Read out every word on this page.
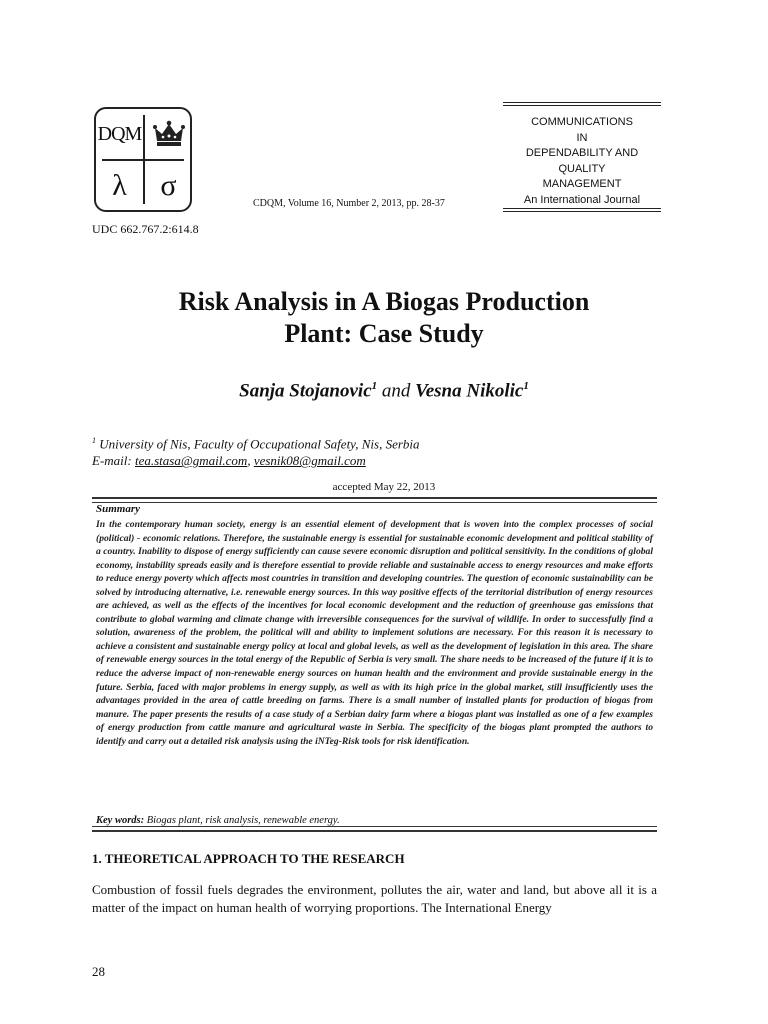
DQM
λ	σ
UDC 662.767.2:614.8
CDQM, Volume 16, Number 2, 2013, pp. 28-37
COMMUNICATIONS
IN
DEPENDABILITY AND
QUALITY
MANAGEMENT
An International Journal
Risk Analysis in A Biogas Production
Plant: Case Study
Sanja Stojanovic$^1$ and Vesna Nikolic$^1$
$^1$ University of Nis, Faculty of Occupational Safety, Nis, Serbia
E-mail: tea.stasa@gmail.com, vesnik08@gmail.com
accepted May 22, 2013
Summary
In the contemporary human society, energy is an essential element of development that is woven into the complex processes of social (political) - economic relations. Therefore, the sustainable energy is essential for sustainable economic development and political stability of a country. Inability to dispose of energy sufficiently can cause severe economic disruption and political sensitivity. In the conditions of global economy, instability spreads easily and is therefore essential to provide reliable and sustainable access to energy resources and make efforts to reduce energy poverty which affects most countries in transition and developing countries. The question of economic sustainability can be solved by introducing alternative, i.e. renewable energy sources. In this way positive effects of the territorial distribution of energy resources are achieved, as well as the effects of the incentives for local economic development and the reduction of greenhouse gas emissions that contribute to global warming and climate change with irreversible consequences for the survival of wildlife. In order to successfully find a solution, awareness of the problem, the political will and ability to implement solutions are necessary. For this reason it is necessary to achieve a consistent and sustainable energy policy at local and global levels, as well as the development of legislation in this area. The share of renewable energy sources in the total energy of the Republic of Serbia is very small. The share needs to be increased of the future if it is to reduce the adverse impact of non-renewable energy sources on human health and the environment and provide sustainable energy in the future. Serbia, faced with major problems in energy supply, as well as with its high price in the global market, still insufficiently uses the advantages provided in the area of cattle breeding on farms. There is a small number of installed plants for production of biogas from manure. The paper presents the results of a case study of a Serbian dairy farm where a biogas plant was installed as one of a few examples of energy production from cattle manure and agricultural waste in Serbia. The specificity of the biogas plant prompted the authors to identify and carry out a detailed risk analysis using the iNTeg-Risk tools for risk identification.
Key words: Biogas plant, risk analysis, renewable energy.
1. THEORETICAL APPROACH TO THE RESEARCH
Combustion of fossil fuels degrades the environment, pollutes the air, water and land, but above all it is a matter of the impact on human health of worrying proportions. The International Energy
28
